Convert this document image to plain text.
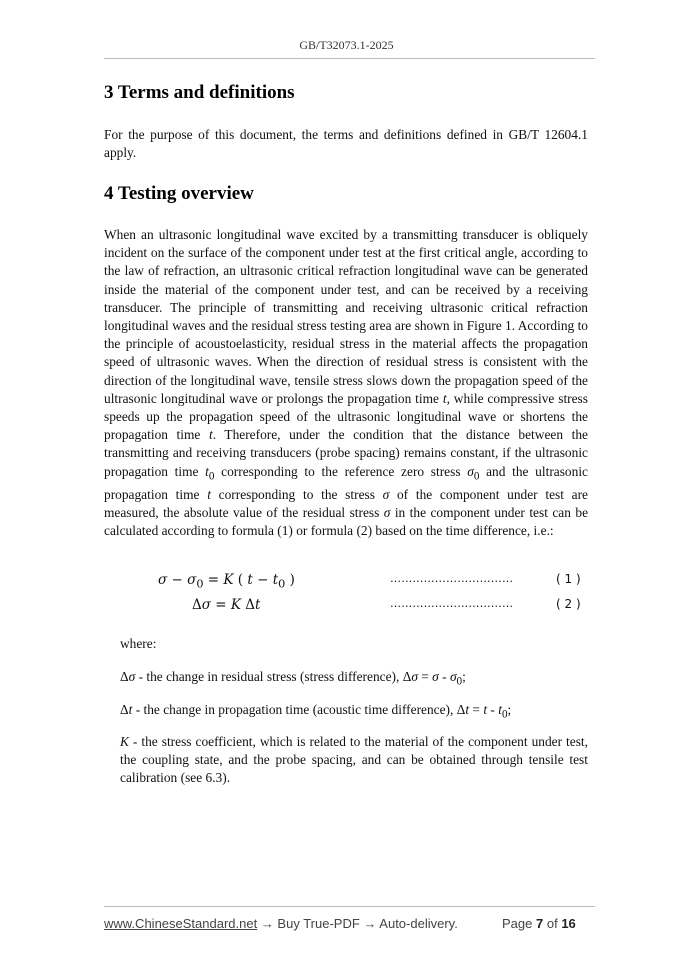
GB/T32073.1-2025
3 Terms and definitions

For the purpose of this document, the terms and definitions defined in GB/T 12604.1 apply.

4 Testing overview

When an ultrasonic longitudinal wave excited by a transmitting transducer is obliquely incident on the surface of the component under test at the first critical angle, according to the law of refraction, an ultrasonic critical refraction longitudinal wave can be generated inside the material of the component under test, and can be received by a receiving transducer. The principle of transmitting and receiving ultrasonic critical refraction longitudinal waves and the residual stress testing area are shown in Figure 1. According to the principle of acoustoelasticity, residual stress in the material affects the propagation speed of ultrasonic waves. When the direction of residual stress is consistent with the direction of the longitudinal wave, tensile stress slows down the propagation speed of the ultrasonic longitudinal wave or prolongs the propagation time t, while compressive stress speeds up the propagation speed of the ultrasonic longitudinal wave or shortens the propagation time t. Therefore, under the condition that the distance between the transmitting and receiving transducers (probe spacing) remains constant, if the ultrasonic propagation time $t_0$ corresponding to the reference zero stress $\sigma_0$ and the ultrasonic propagation time t corresponding to the stress σ of the component under test are measured, the absolute value of the residual stress σ in the component under test can be calculated according to formula (1) or formula (2) based on the time difference, i.e.:

$\sigma - \sigma_0 = K$ ( $t - t_0$ )	……………………………	( 1 )
Δσ = K Δt	……………………………	( 2 )
where:

Δσ - the change in residual stress (stress difference), $\Delta\sigma = \sigma - \sigma_0$;

Δt - the change in propagation time (acoustic time difference), $\Delta t = t - t_0$;

K - the stress coefficient, which is related to the material of the component under test, the coupling state, and the probe spacing, and can be obtained through tensile test calibration (see 6.3).

www.ChineseStandard.net → Buy True-PDF → Auto-delivery.	Page 7 of 16
